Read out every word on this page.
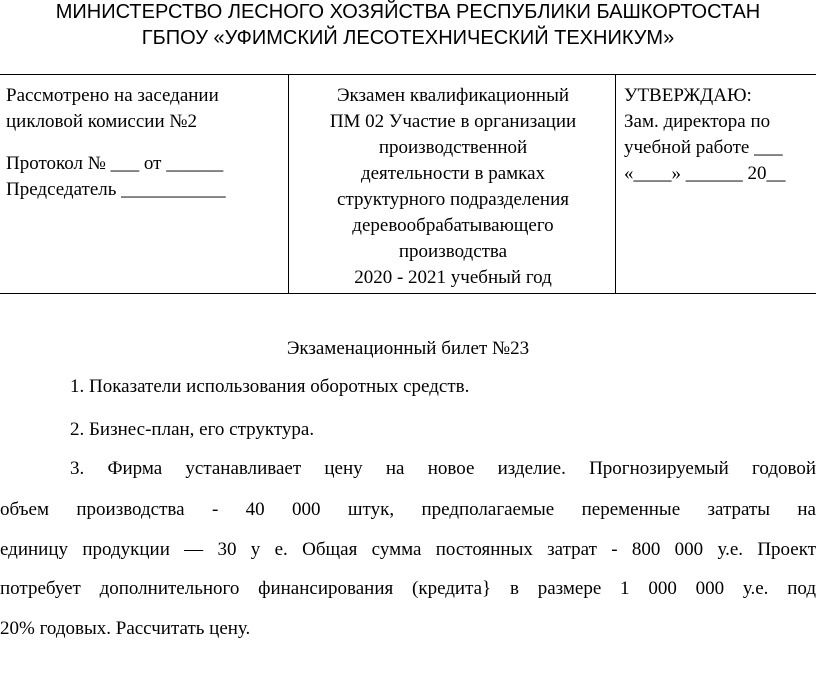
МИНИСТЕРСТВО ЛЕСНОГО ХОЗЯЙСТВА РЕСПУБЛИКИ БАШКОРТОСТАН
ГБПОУ «УФИМСКИЙ ЛЕСОТЕХНИЧЕСКИЙ ТЕХНИКУМ»
Рассмотрено на заседании
цикловой комиссии №2
Протокол № ___ от ______
Председатель ___________
Экзамен квалификационный
ПМ 02 Участие в организации
производственной
деятельности в рамках
структурного подразделения
деревообрабатывающего
производства
2020 - 2021 учебный год
УТВЕРЖДАЮ:
Зам. директора по
учебной работе ___
«____» ______ 20__
Экзаменационный билет №23
1. Показатели использования оборотных средств.
2. Бизнес-план, его структура.
3. Фирма устанавливает цену на новое изделие. Прогнозируемый годовой
объем производства - 40 000 штук, предполагаемые переменные затраты на
единицу продукции — 30 у е. Общая сумма постоянных затрат - 800 000 у.е. Проект
потребует дополнительного финансирования (кредита} в размере 1 000 000 у.е. под
20% годовых. Рассчитать цену.
